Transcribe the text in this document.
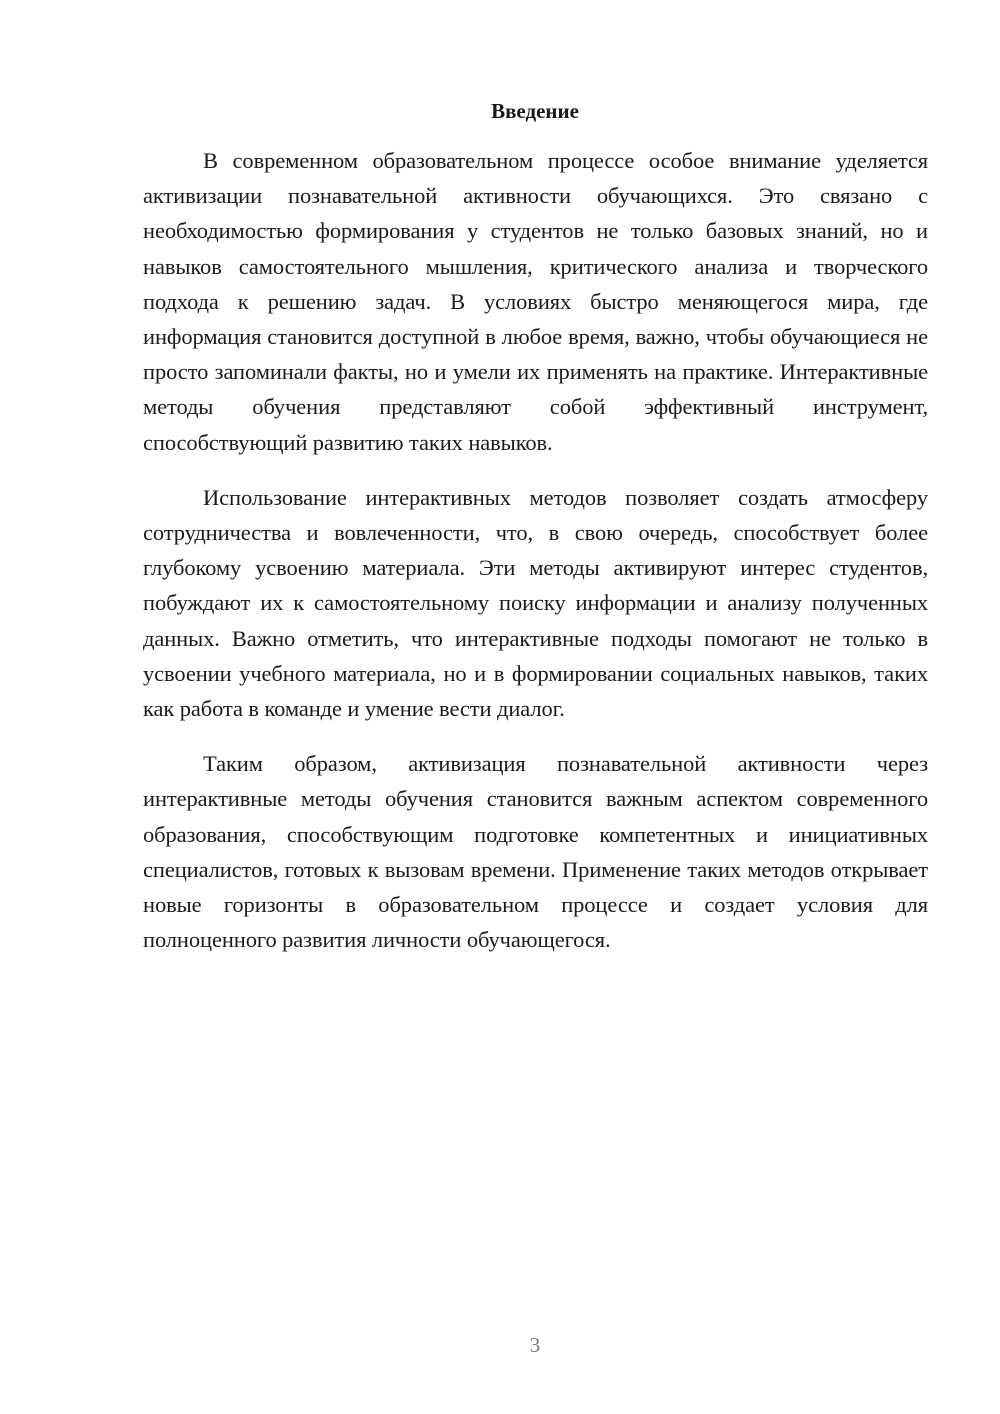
Введение

В современном образовательном процессе особое внимание уделяется активизации познавательной активности обучающихся. Это связано с необходимостью формирования у студентов не только базовых знаний, но и навыков самостоятельного мышления, критического анализа и творческого подхода к решению задач. В условиях быстро меняющегося мира, где информация становится доступной в любое время, важно, чтобы обучающиеся не просто запоминали факты, но и умели их применять на практике. Интерактивные методы обучения представляют собой эффективный инструмент, способствующий развитию таких навыков.

Использование интерактивных методов позволяет создать атмосферу сотрудничества и вовлеченности, что, в свою очередь, способствует более глубокому усвоению материала. Эти методы активируют интерес студентов, побуждают их к самостоятельному поиску информации и анализу полученных данных. Важно отметить, что интерактивные подходы помогают не только в усвоении учебного материала, но и в формировании социальных навыков, таких как работа в команде и умение вести диалог.

Таким образом, активизация познавательной активности через интерактивные методы обучения становится важным аспектом современного образования, способствующим подготовке компетентных и инициативных специалистов, готовых к вызовам времени. Применение таких методов открывает новые горизонты в образовательном процессе и создает условия для полноценного развития личности обучающегося.

3
